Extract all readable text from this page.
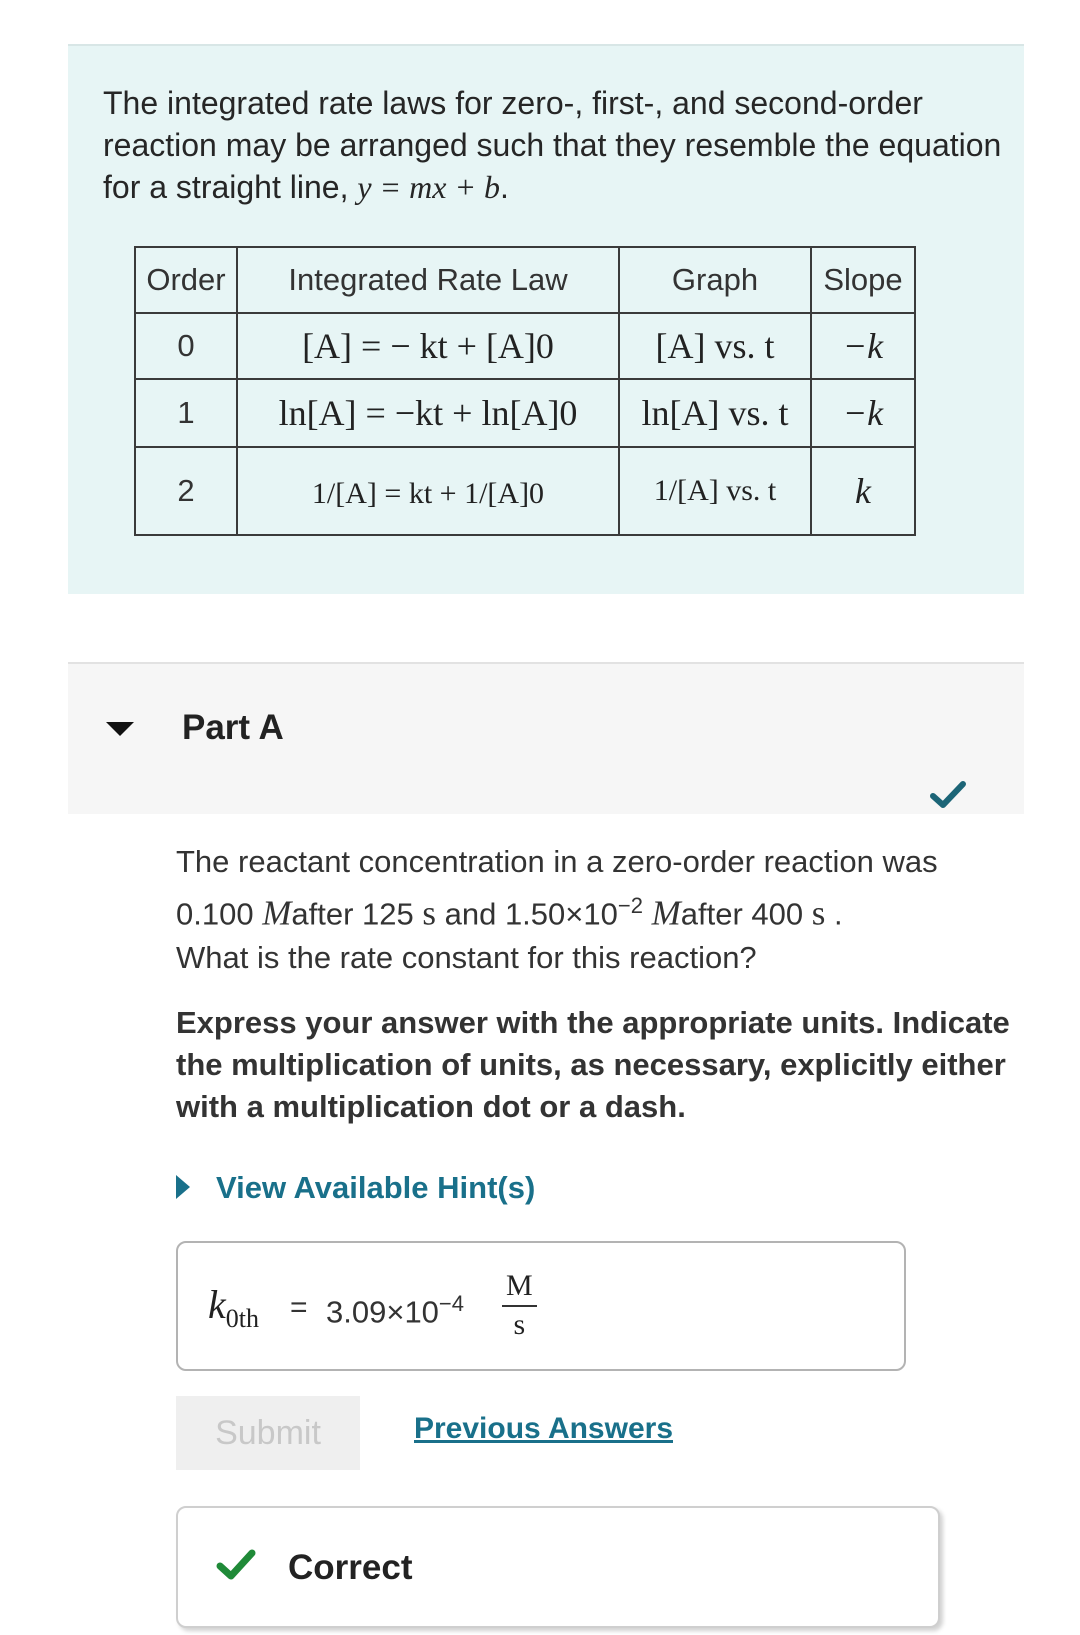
The integrated rate laws for zero-, first-, and second-order reaction may be arranged such that they resemble the equation for a straight line, y = mx + b.
Order	Integrated Rate Law	Graph	Slope
0	[A] = − kt + [A]0	[A] vs. t	−k
1	ln[A] = −kt + ln[A]0	ln[A] vs. t	−k
2	1/[A] = kt + 1/[A]0	1/[A] vs. t	k
Part A
The reactant concentration in a zero-order reaction was
0.100 Mafter 125 s and $1.50\times 10^{-2}$ Mafter 400 s .
What is the rate constant for this reaction?
Express your answer with the appropriate units. Indicate the multiplication of units, as necessary, explicitly either with a multiplication dot or a dash.
View Available Hint(s)
$k_{0th} = 3.09\times 10^{-4} \frac{M}{s}$
Submit	Previous Answers
Correct
